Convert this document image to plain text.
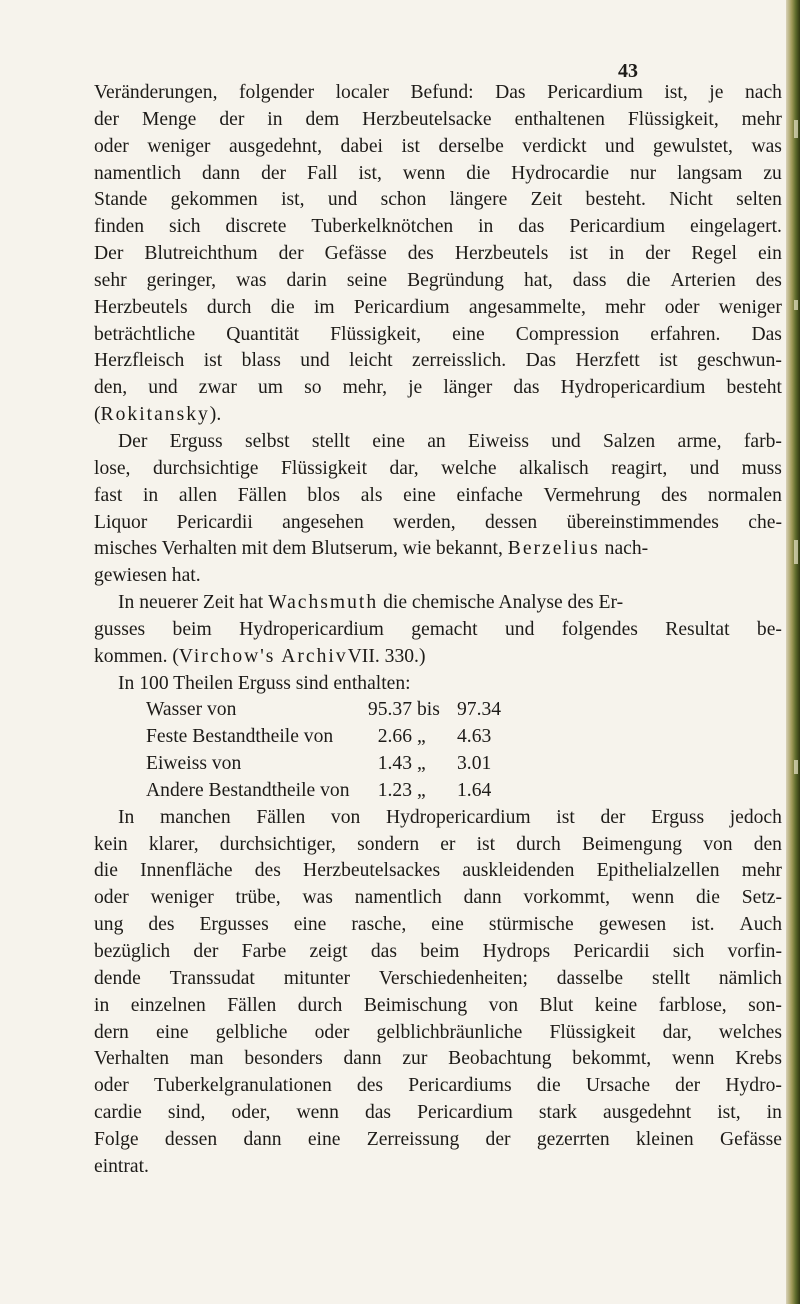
43
Veränderungen, folgender localer Befund: Das Pericardium ist, je nach
der Menge der in dem Herzbeutelsacke enthaltenen Flüssigkeit, mehr
oder weniger ausgedehnt, dabei ist derselbe verdickt und gewulstet, was
namentlich dann der Fall ist, wenn die Hydrocardie nur langsam zu
Stande gekommen ist, und schon längere Zeit besteht. Nicht selten
finden sich discrete Tuberkelknötchen in das Pericardium eingelagert.
Der Blutreichthum der Gefässe des Herzbeutels ist in der Regel ein
sehr geringer, was darin seine Begründung hat, dass die Arterien des
Herzbeutels durch die im Pericardium angesammelte, mehr oder weniger
beträchtliche Quantität Flüssigkeit, eine Compression erfahren. Das
Herzfleisch ist blass und leicht zerreisslich. Das Herzfett ist geschwun-
den, und zwar um so mehr, je länger das Hydropericardium besteht
( Rokitansky ).
Der Erguss selbst stellt eine an Eiweiss und Salzen arme, farb-
lose, durchsichtige Flüssigkeit dar, welche alkalisch reagirt, und muss
fast in allen Fällen blos als eine einfache Vermehrung des normalen
Liquor Pericardii angesehen werden, dessen übereinstimmendes che-
misches Verhalten mit dem Blutserum, wie bekannt,
Berzelius
nach-
gewiesen hat.
In neuerer Zeit hat
Wachsmuth
die chemische Analyse des Er-
gusses beim Hydropericardium gemacht und folgendes Resultat be-
kommen. ( Virchow's Archiv VII. 330.)
In 100 Theilen Erguss sind enthalten:
Wasser von	95.37 bis 97.34
Feste Bestandtheile von	2.66 „ 4.63
Eiweiss von	1.43 „ 3.01
Andere Bestandtheile von	1.23 „ 1.64
In manchen Fällen von Hydropericardium ist der Erguss jedoch
kein klarer, durchsichtiger, sondern er ist durch Beimengung von den
die Innenfläche des Herzbeutelsackes auskleidenden Epithelialzellen mehr
oder weniger trübe, was namentlich dann vorkommt, wenn die Setz-
ung des Ergusses eine rasche, eine stürmische gewesen ist. Auch
bezüglich der Farbe zeigt das beim Hydrops Pericardii sich vorfin-
dende Transsudat mitunter Verschiedenheiten; dasselbe stellt nämlich
in einzelnen Fällen durch Beimischung von Blut keine farblose, son-
dern eine gelbliche oder gelblichbräunliche Flüssigkeit dar, welches
Verhalten man besonders dann zur Beobachtung bekommt, wenn Krebs
oder Tuberkelgranulationen des Pericardiums die Ursache der Hydro-
cardie sind, oder, wenn das Pericardium stark ausgedehnt ist, in
Folge dessen dann eine Zerreissung der gezerrten kleinen Gefässe
eintrat.
